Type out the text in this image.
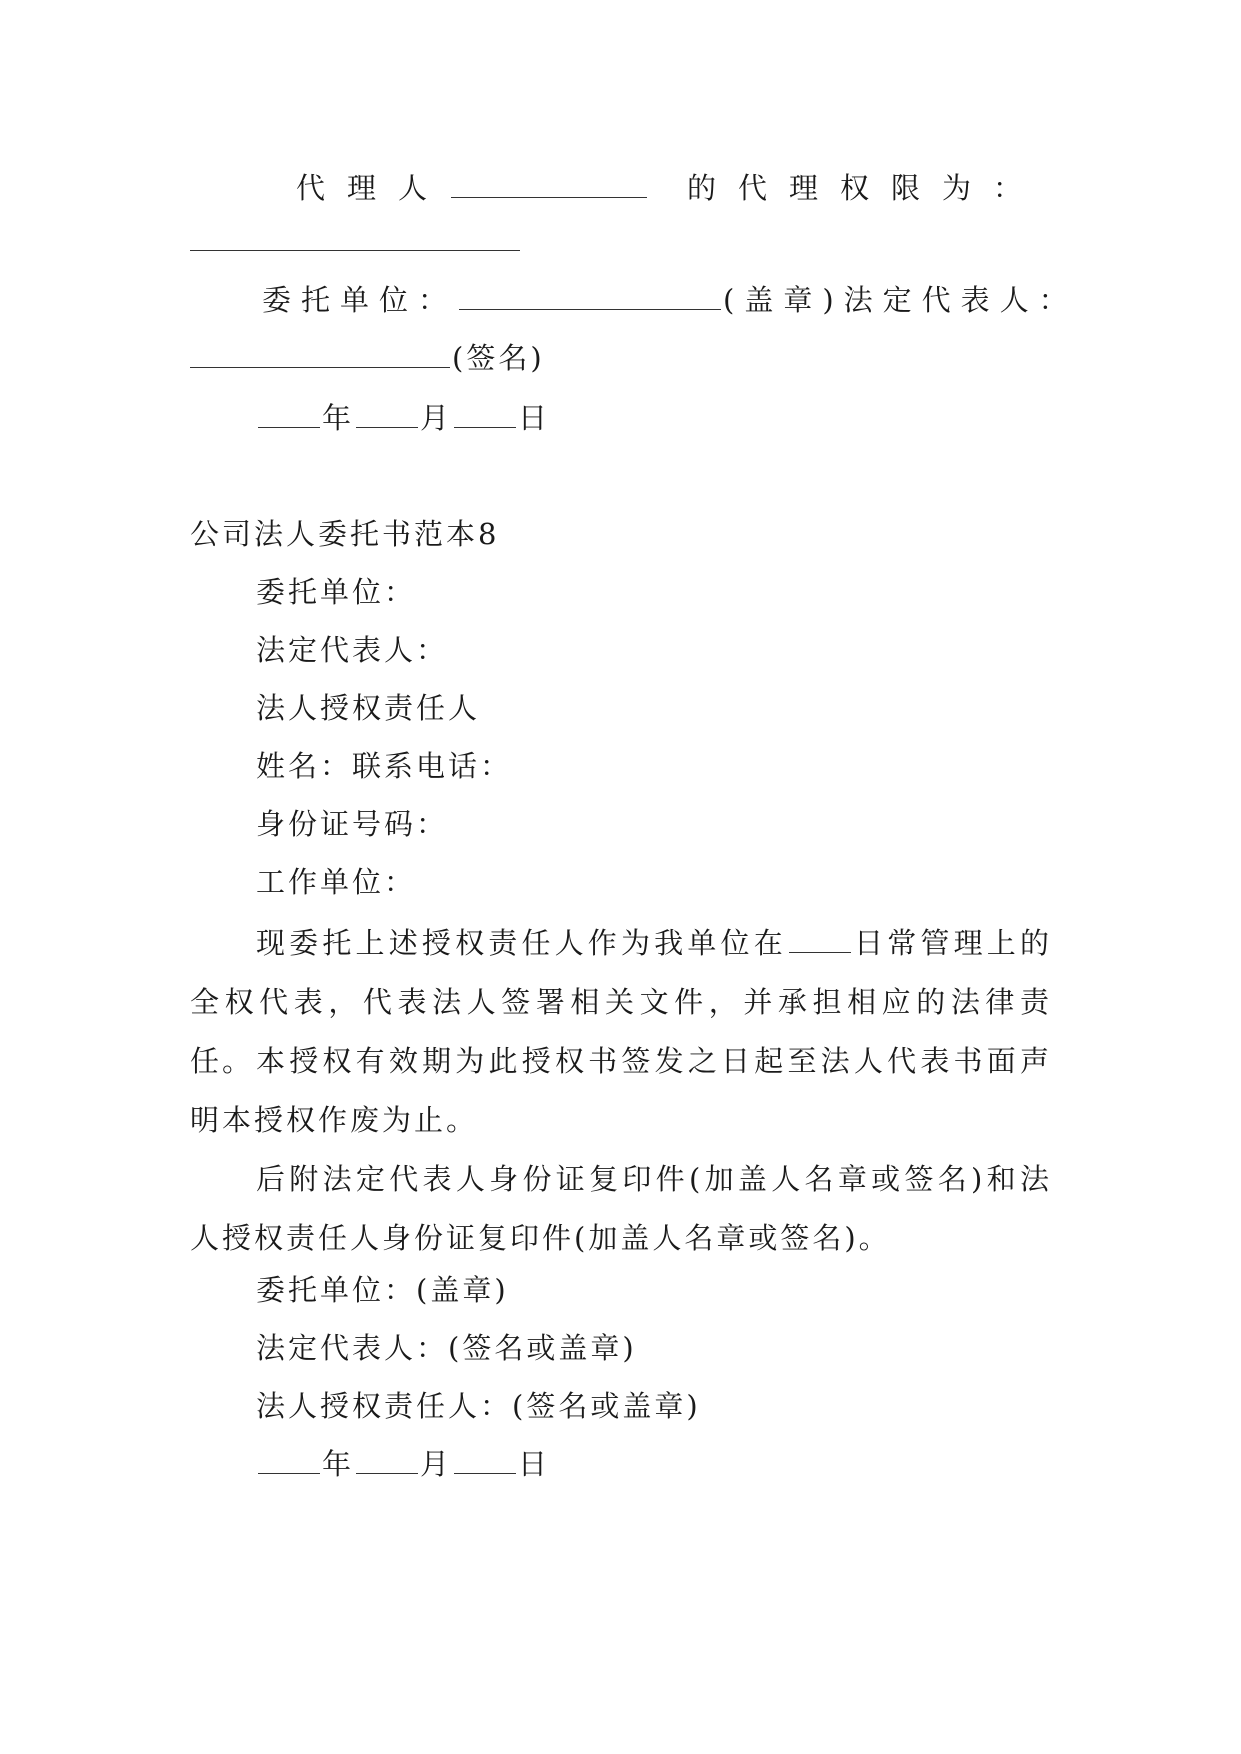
代理人	的代理权限为：
委托单位：	(盖章)法定代表人：
(签名)
年 月 日
公司法人委托书范本8
委托单位：
法定代表人：
法人授权责任人
姓名：联系电话：
身份证号码：
工作单位：
现委托上述授权责任人作为我单位在 日常管理上的全权代表，代表法人签署相关文件，并承担相应的法律责任。 本授权有效期为此授权书签发之日起至法人代表书面声明本授权作废为止。
后附法定代表人身份证复印件(加盖人名章或签名)和法人授权责任人身份证复印件(加盖人名章或签名)。
委托单位：(盖章)
法定代表人：(签名或盖章)
法人授权责任人：(签名或盖章)
年 月 日
